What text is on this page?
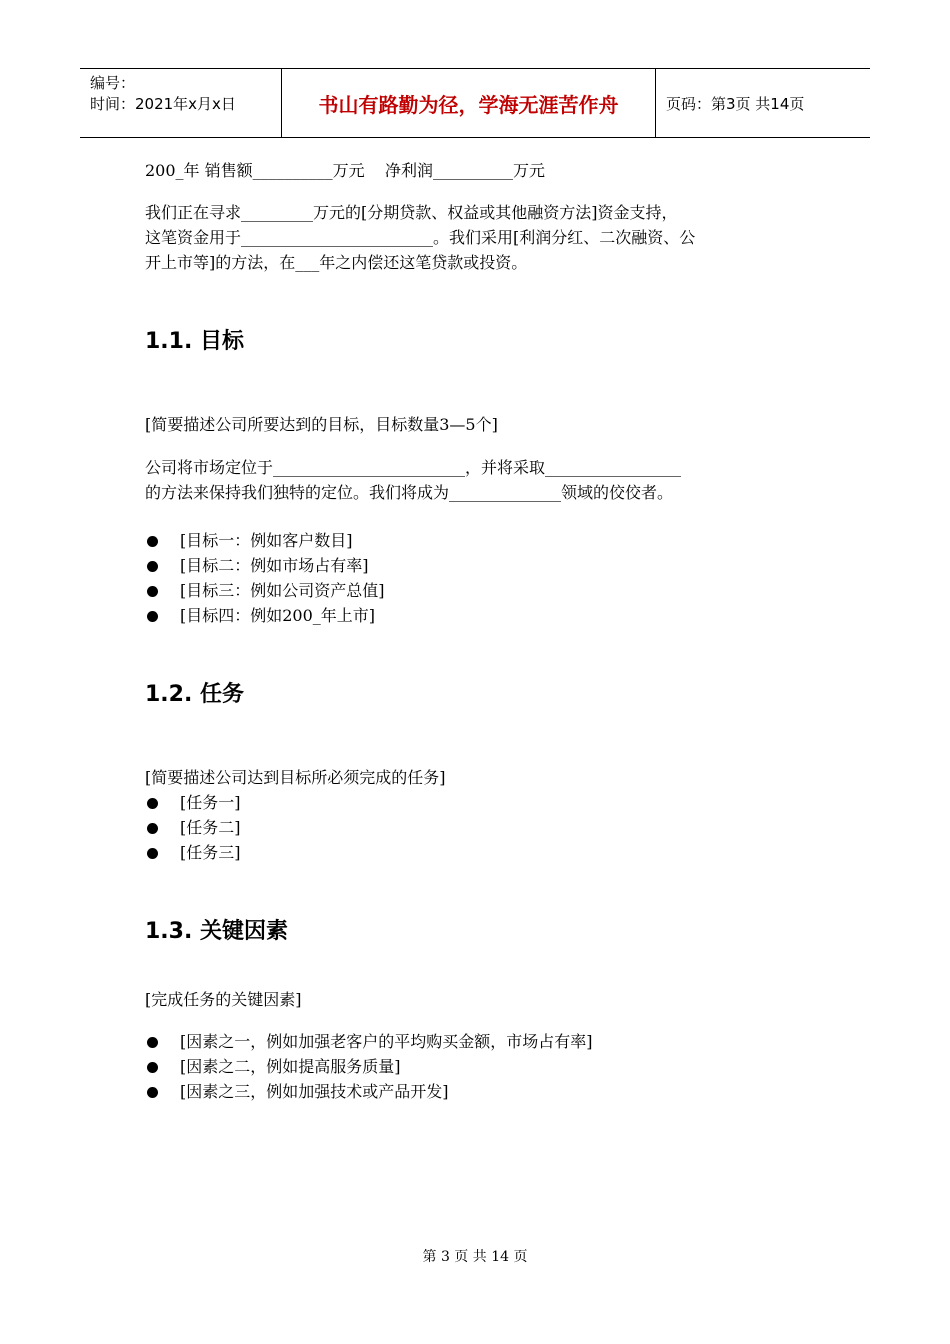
编号：
时间：2021年x月x日	书山有路勤为径，学海无涯苦作舟	页码：第3页 共14页

200_年 销售额__________万元    净利润__________万元

我们正在寻求_________万元的[分期贷款、权益或其他融资方法]资金支持，

这笔资金用于________________________。我们采用[利润分红、二次融资、公

开上市等]的方法，在___年之内偿还这笔贷款或投资。

1.1. 目标

[简要描述公司所要达到的目标，目标数量3—5个]

公司将市场定位于________________________，并将采取_________________

的方法来保持我们独特的定位。我们将成为______________领域的佼佼者。

[目标一：例如客户数目]
[目标二：例如市场占有率]
[目标三：例如公司资产总值]
[目标四：例如200_年上市]
1.2. 任务

[简要描述公司达到目标所必须完成的任务]

[任务一]
[任务二]
[任务三]
1.3. 关键因素

[完成任务的关键因素]

[因素之一，例如加强老客户的平均购买金额，市场占有率]
[因素之二，例如提高服务质量]
[因素之三，例如加强技术或产品开发]
第 3 页 共 14 页
